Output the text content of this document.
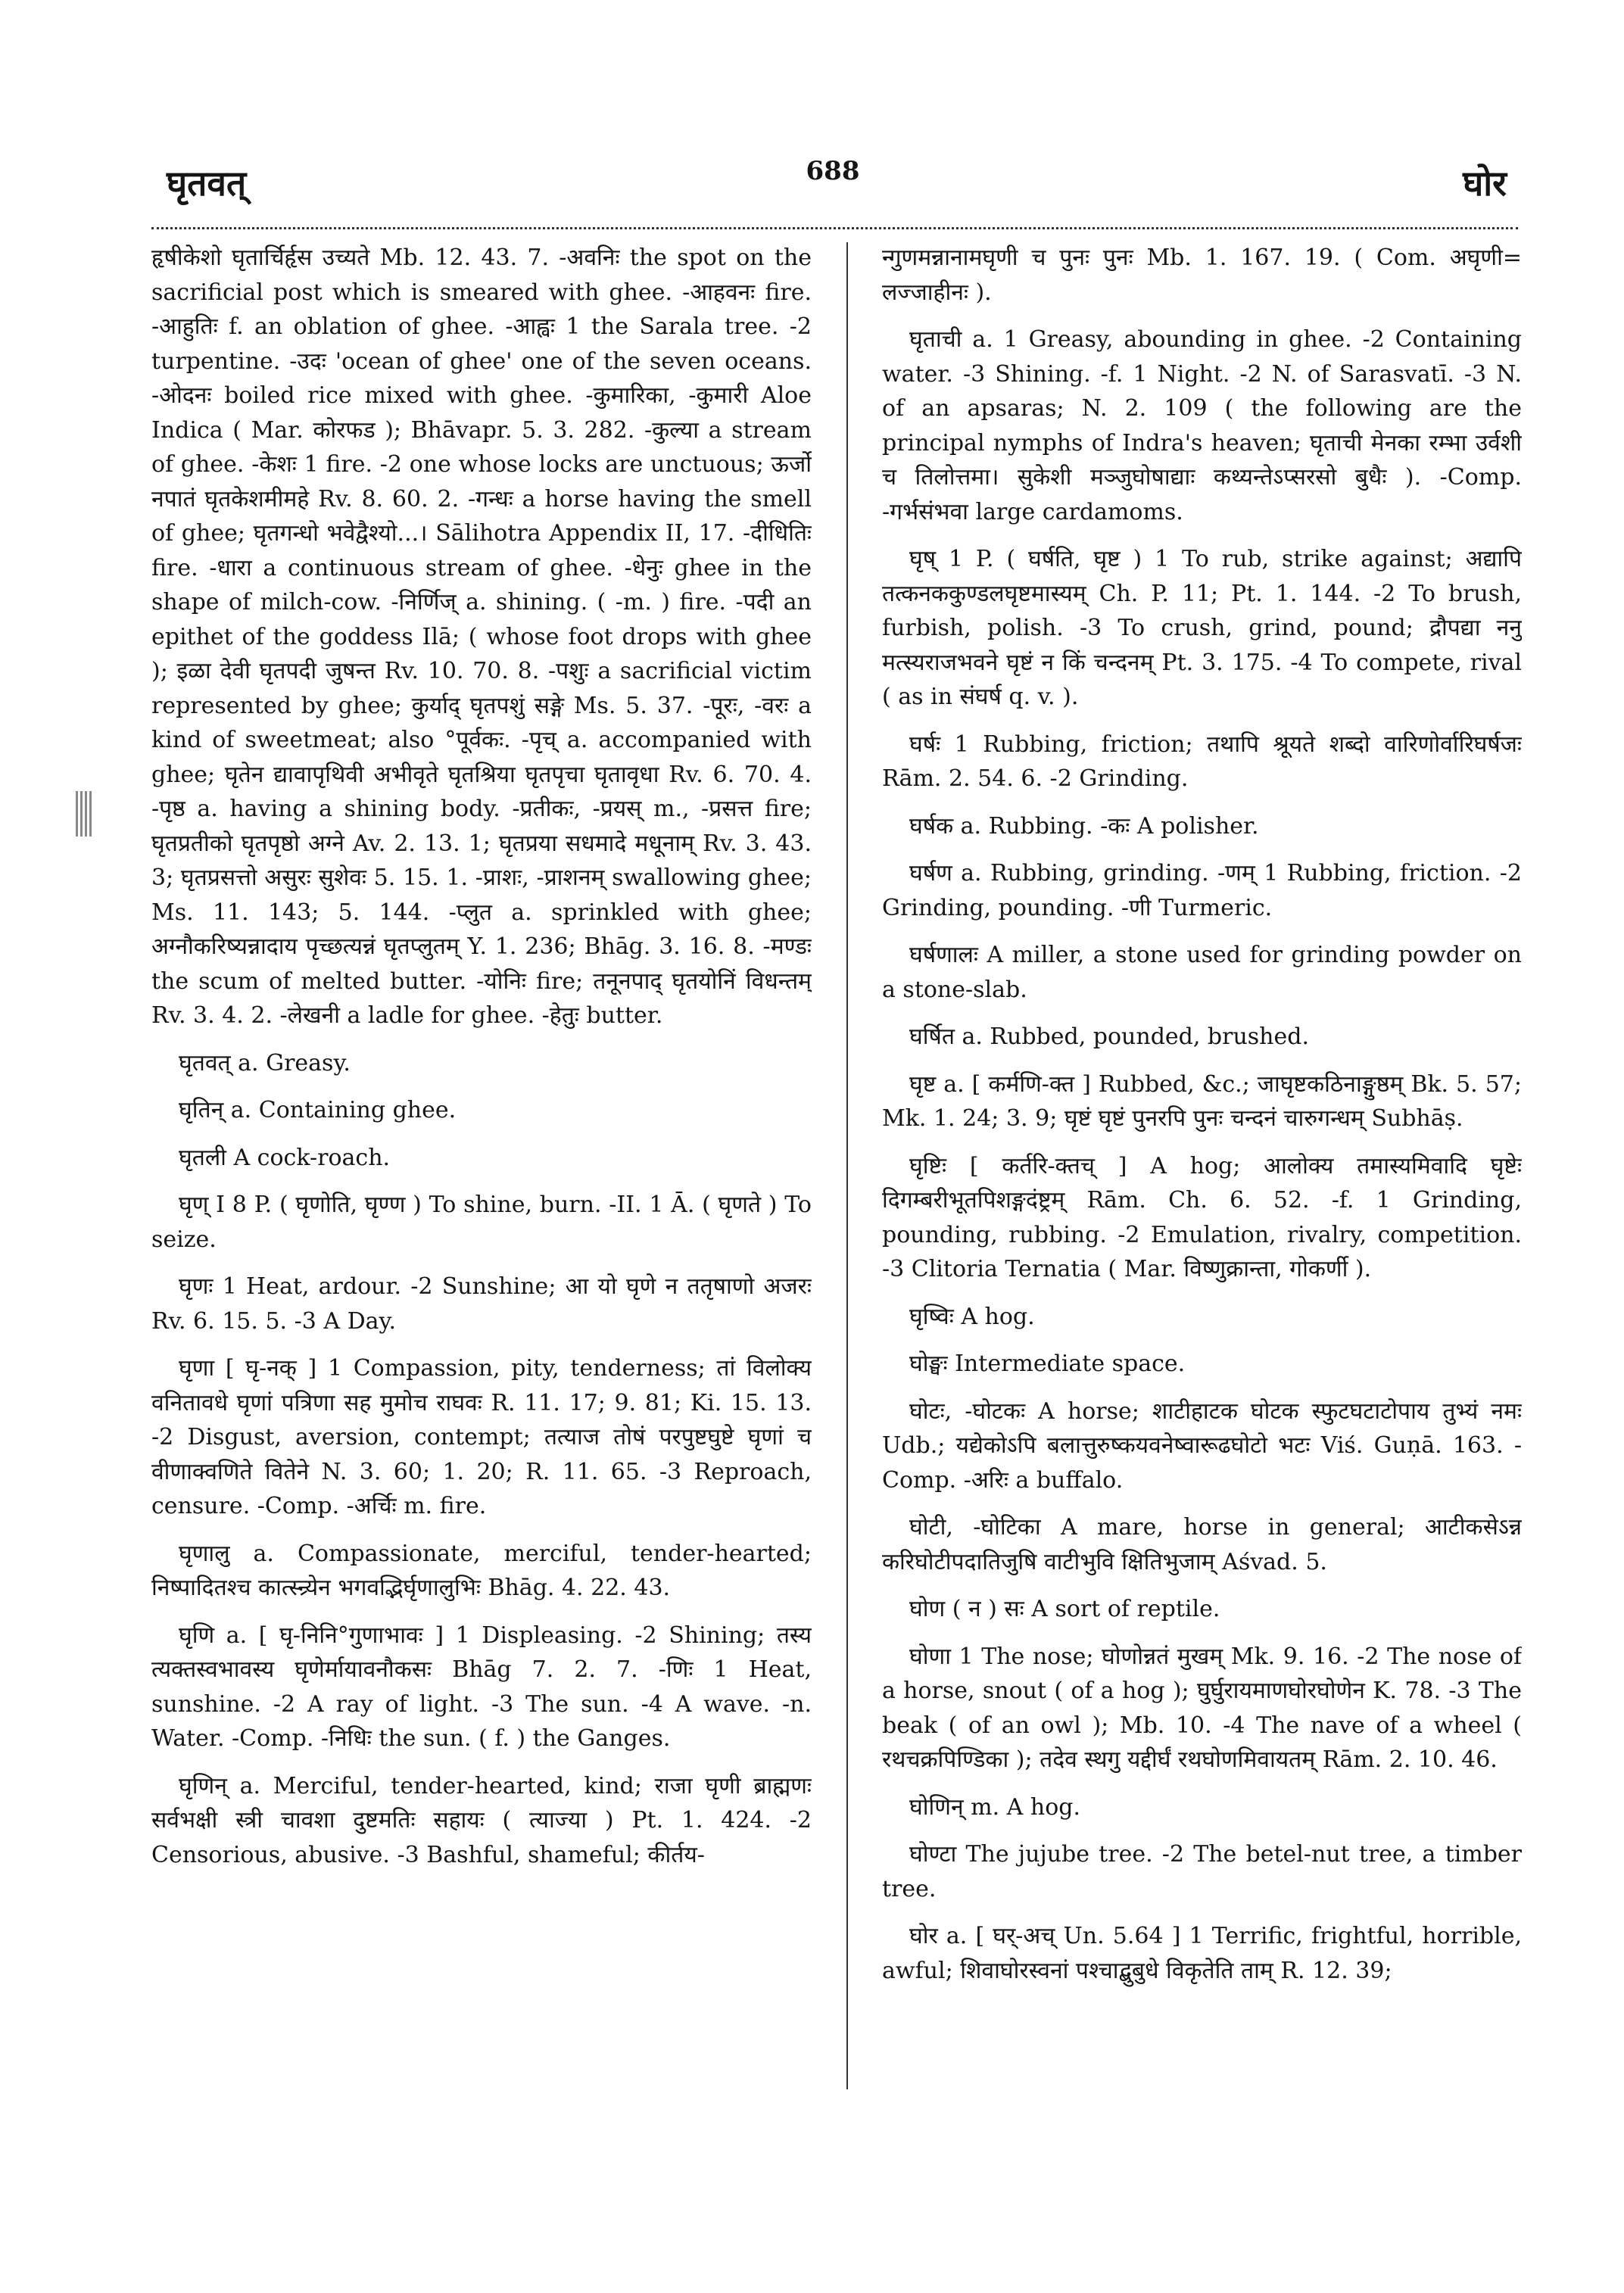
घृतवत्	688	घोर

हृषीकेशो घृतार्चिर्हृस उच्यते Mb. 12. 43. 7. -अवनिः the spot on the sacrificial post which is smeared with ghee. -आहवनः fire. -आहुतिः f. an oblation of ghee. -आह्वः 1 the Sarala tree. -2 turpentine. -उदः 'ocean of ghee' one of the seven oceans. -ओदनः boiled rice mixed with ghee. -कुमारिका, -कुमारी Aloe Indica ( Mar. कोरफड ); Bhāvapr. 5. 3. 282. -कुल्या a stream of ghee. -केशः 1 fire. -2 one whose locks are unctuous; ऊर्जो नपातं घृतकेशमीमहे Rv. 8. 60. 2. -गन्धः a horse having the smell of ghee; घृतगन्धो भवेद्वैश्यो...। Sālihotra Appendix II, 17. -दीधितिः fire. -धारा a continuous stream of ghee. -धेनुः ghee in the shape of milch-cow. -निर्णिज् a. shining. ( -m. ) fire. -पदी an epithet of the goddess Ilā; ( whose foot drops with ghee ); इळा देवी घृतपदी जुषन्त Rv. 10. 70. 8. -पशुः a sacrificial victim represented by ghee; कुर्याद् घृतपशुं सङ्गे Ms. 5. 37. -पूरः, -वरः a kind of sweetmeat; also °पूर्वकः. -पृच् a. accompanied with ghee; घृतेन द्यावापृथिवी अभीवृते घृतश्रिया घृतपृचा घृतावृधा Rv. 6. 70. 4. -पृष्ठ a. having a shining body. -प्रतीकः, -प्रयस् m., -प्रसत्त fire; घृतप्रतीको घृतपृष्ठो अग्ने Av. 2. 13. 1; घृतप्रया सधमादे मधूनाम् Rv. 3. 43. 3; घृतप्रसत्तो असुरः सुशेवः 5. 15. 1. -प्राशः, -प्राशनम् swallowing ghee; Ms. 11. 143; 5. 144. -प्लुत a. sprinkled with ghee; अग्नौकरिष्यन्नादाय पृच्छत्यन्नं घृतप्लुतम् Y. 1. 236; Bhāg. 3. 16. 8. -मण्डः the scum of melted butter. -योनिः fire; तनूनपाद् घृतयोनिं विधन्तम् Rv. 3. 4. 2. -लेखनी a ladle for ghee. -हेतुः butter.

घृतवत् a. Greasy.

घृतिन् a. Containing ghee.

घृतली A cock-roach.

घृण् I 8 P. ( घृणोति, घृण्ण ) To shine, burn. -II. 1 Ā. ( घृणते ) To seize.

घृणः 1 Heat, ardour. -2 Sunshine; आ यो घृणे न ततृषाणो अजरः Rv. 6. 15. 5. -3 A Day.

घृणा [ घृ-नक् ] 1 Compassion, pity, tenderness; तां विलोक्य वनितावधे घृणां पत्रिणा सह मुमोच राघवः R. 11. 17; 9. 81; Ki. 15. 13. -2 Disgust, aversion, contempt; तत्याज तोषं परपुष्टघुष्टे घृणां च वीणाक्वणिते वितेने N. 3. 60; 1. 20; R. 11. 65. -3 Reproach, censure. -Comp. -अर्चिः m. fire.

घृणालु a. Compassionate, merciful, tender-hearted; निष्पादितश्च कात्स्न्र्येन भगवद्भिर्घृणालुभिः Bhāg. 4. 22. 43.

घृणि a. [ घृ-निनि°गुणाभावः ] 1 Displeasing. -2 Shining; तस्य त्यक्तस्वभावस्य घृणेर्मायावनौकसः Bhāg 7. 2. 7. -णिः 1 Heat, sunshine. -2 A ray of light. -3 The sun. -4 A wave. -n. Water. -Comp. -निधिः the sun. ( f. ) the Ganges.

घृणिन् a. Merciful, tender-hearted, kind; राजा घृणी ब्राह्मणः सर्वभक्षी स्त्री चावशा दुष्टमतिः सहायः ( त्याज्या ) Pt. 1. 424. -2 Censorious, abusive. -3 Bashful, shameful; कीर्तय-

न्गुणमन्नानामघृणी च पुनः पुनः Mb. 1. 167. 19. ( Com. अघृणी= लज्जाहीनः ).

घृताची a. 1 Greasy, abounding in ghee. -2 Containing water. -3 Shining. -f. 1 Night. -2 N. of Sarasvatī. -3 N. of an apsaras; N. 2. 109 ( the following are the principal nymphs of Indra's heaven; घृताची मेनका रम्भा उर्वशी च तिलोत्तमा। सुकेशी मञ्जुघोषाद्याः कथ्यन्तेऽप्सरसो बुधैः ). -Comp. -गर्भसंभवा large cardamoms.

घृष् 1 P. ( घर्षति, घृष्ट ) 1 To rub, strike against; अद्यापि तत्कनककुण्डलघृष्टमास्यम् Ch. P. 11; Pt. 1. 144. -2 To brush, furbish, polish. -3 To crush, grind, pound; द्रौपद्या ननु मत्स्यराजभवने घृष्टं न किं चन्दनम् Pt. 3. 175. -4 To compete, rival ( as in संघर्ष q. v. ).

घर्षः 1 Rubbing, friction; तथापि श्रूयते शब्दो वारिणोर्वारिघर्षजः Rām. 2. 54. 6. -2 Grinding.

घर्षक a. Rubbing. -कः A polisher.

घर्षण a. Rubbing, grinding. -णम् 1 Rubbing, friction. -2 Grinding, pounding. -णी Turmeric.

घर्षणालः A miller, a stone used for grinding powder on a stone-slab.

घर्षित a. Rubbed, pounded, brushed.

घृष्ट a. [ कर्मणि-क्त ] Rubbed, &c.; जाघृष्टकठिनाङ्गुष्ठम् Bk. 5. 57; Mk. 1. 24; 3. 9; घृष्टं घृष्टं पुनरपि पुनः चन्दनं चारुगन्धम् Subhāṣ.

घृष्टिः [ कर्तरि-क्तच् ] A hog; आलोक्य तमास्यमिवादि घृष्टेः दिगम्बरीभूतपिशङ्गदंष्ट्रम् Rām. Ch. 6. 52. -f. 1 Grinding, pounding, rubbing. -2 Emulation, rivalry, competition. -3 Clitoria Ternatia ( Mar. विष्णुक्रान्ता, गोकर्णी ).

घृष्विः A hog.

घोङ्घः Intermediate space.

घोटः, -घोटकः A horse; शाटीहाटक घोटक स्फुटघटाटोपाय तुभ्यं नमः Udb.; यद्येकोऽपि बलात्तुरुष्कयवनेष्वारूढघोटो भटः Viś. Guṇā. 163. -Comp. -अरिः a buffalo.

घोटी, -घोटिका A mare, horse in general; आटीकसेऽन्न करिघोटीपदातिजुषि वाटीभुवि क्षितिभुजाम् Aśvad. 5.

घोण ( न ) सः A sort of reptile.

घोणा 1 The nose; घोणोन्नतं मुखम् Mk. 9. 16. -2 The nose of a horse, snout ( of a hog ); घुर्घुरायमाणघोरघोणेन K. 78. -3 The beak ( of an owl ); Mb. 10. -4 The nave of a wheel ( रथचक्रपिण्डिका ); तदेव स्थगु यद्दीर्घं रथघोणमिवायतम् Rām. 2. 10. 46.

घोणिन् m. A hog.

घोण्टा The jujube tree. -2 The betel-nut tree, a timber tree.

घोर a. [ घर्-अच् Un. 5.64 ] 1 Terrific, frightful, horrible, awful; शिवाघोरस्वनां पश्चाद्बुबुधे विकृतेति ताम् R. 12. 39;
